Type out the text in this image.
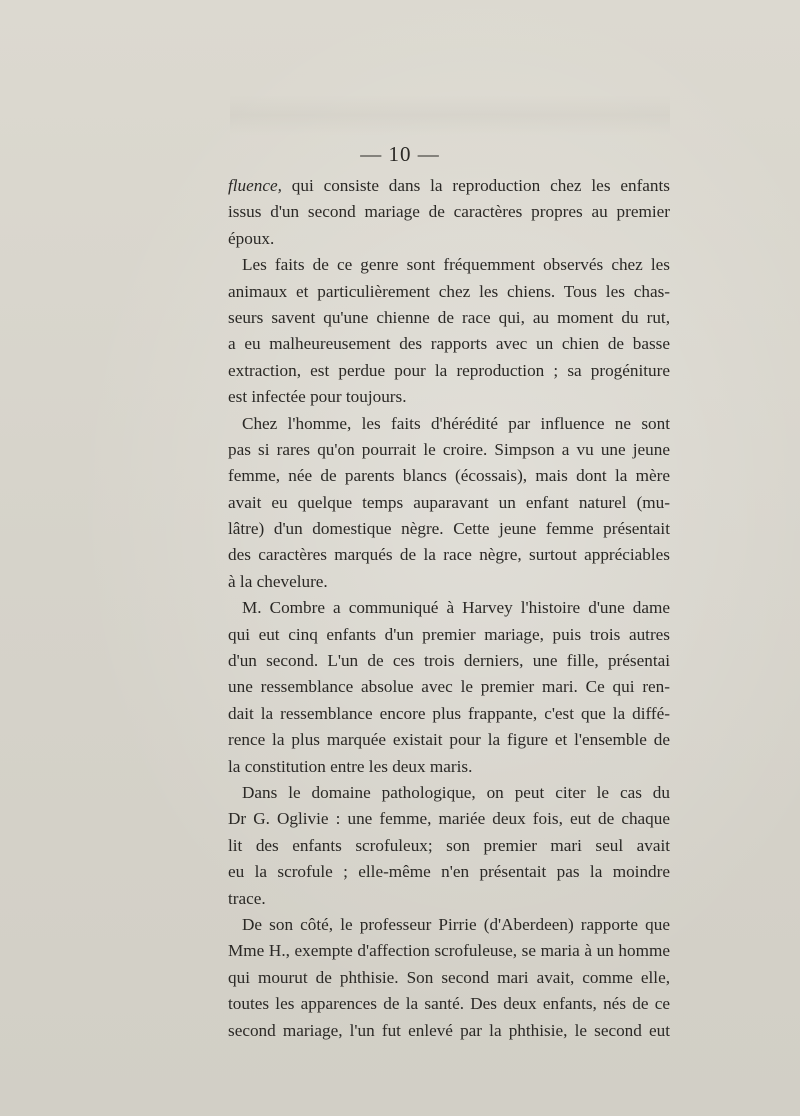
— 10 —
fluence, qui consiste dans la reproduction chez les enfants
issus d'un second mariage de caractères propres au premier
époux.
Les faits de ce genre sont fréquemment observés chez les
animaux et particulièrement chez les chiens. Tous les chas-
seurs savent qu'une chienne de race qui, au moment du rut,
a eu malheureusement des rapports avec un chien de basse
extraction, est perdue pour la reproduction ; sa progéniture
est infectée pour toujours.
Chez l'homme, les faits d'hérédité par influence ne sont
pas si rares qu'on pourrait le croire. Simpson a vu une jeune
femme, née de parents blancs (écossais), mais dont la mère
avait eu quelque temps auparavant un enfant naturel (mu-
lâtre) d'un domestique nègre. Cette jeune femme présentait
des caractères marqués de la race nègre, surtout appréciables
à la chevelure.
M. Combre a communiqué à Harvey l'histoire d'une dame
qui eut cinq enfants d'un premier mariage, puis trois autres
d'un second. L'un de ces trois derniers, une fille, présentai
une ressemblance absolue avec le premier mari. Ce qui ren-
dait la ressemblance encore plus frappante, c'est que la diffé-
rence la plus marquée existait pour la figure et l'ensemble de
la constitution entre les deux maris.
Dans le domaine pathologique, on peut citer le cas du
Dr G. Oglivie : une femme, mariée deux fois, eut de chaque
lit des enfants scrofuleux; son premier mari seul avait
eu la scrofule ; elle-même n'en présentait pas la moindre
trace.
De son côté, le professeur Pirrie (d'Aberdeen) rapporte que
Mme H., exempte d'affection scrofuleuse, se maria à un homme
qui mourut de phthisie. Son second mari avait, comme elle,
toutes les apparences de la santé. Des deux enfants, nés de ce
second mariage, l'un fut enlevé par la phthisie, le second eut
